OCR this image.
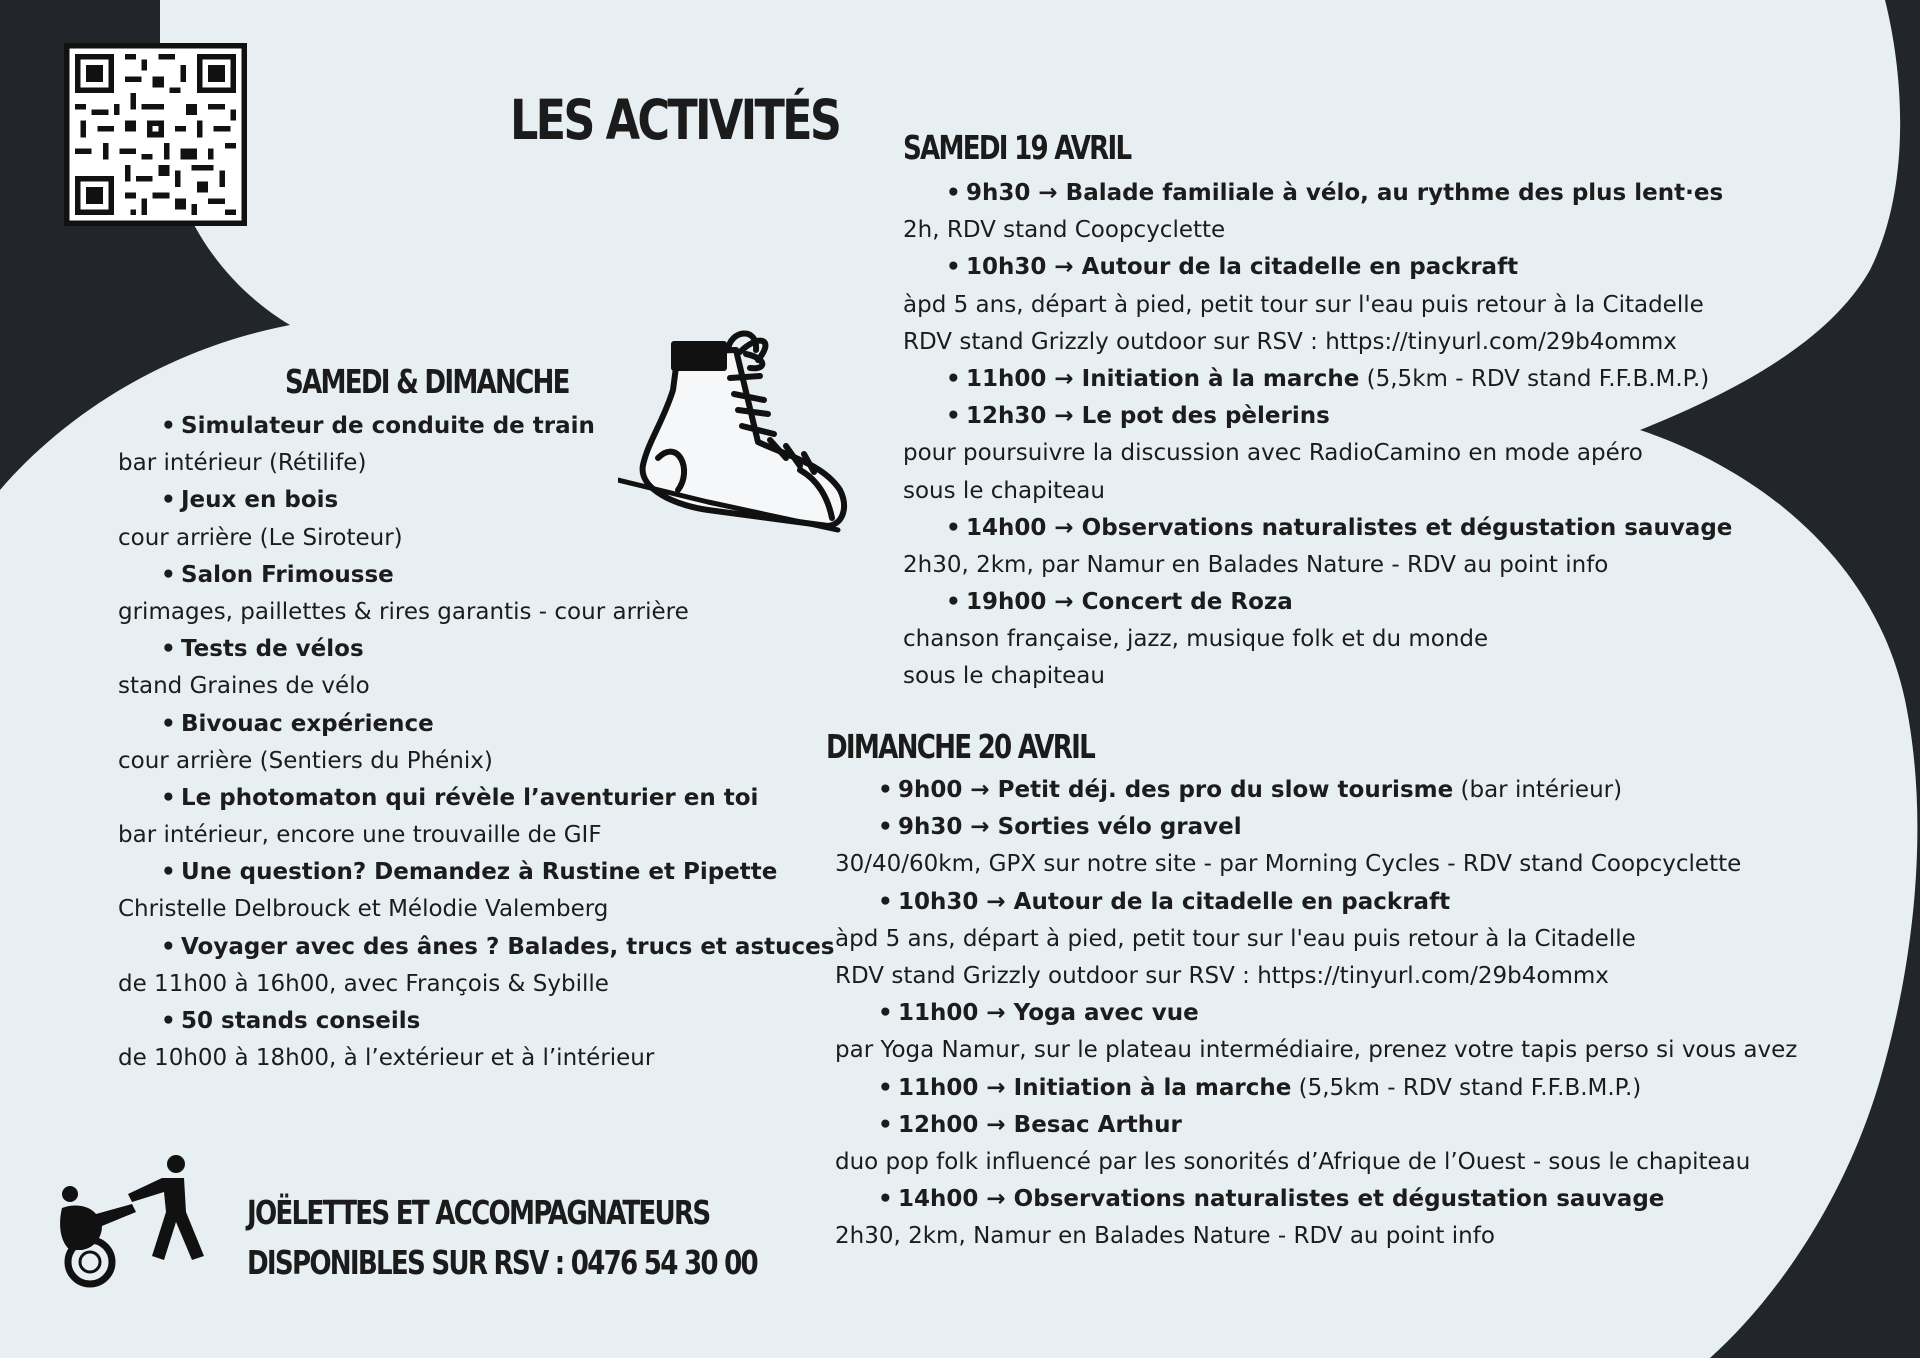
LES ACTIVITÉS
SAMEDI & DIMANCHE
• Simulateur de conduite de train
bar intérieur (Rétilife)
• Jeux en bois
cour arrière (Le Siroteur)
• Salon Frimousse
grimages, paillettes & rires garantis - cour arrière
• Tests de vélos
stand Graines de vélo
• Bivouac expérience
cour arrière (Sentiers du Phénix)
• Le photomaton qui révèle l’aventurier en toi
bar intérieur, encore une trouvaille de GIF
• Une question? Demandez à Rustine et Pipette
Christelle Delbrouck et Mélodie Valemberg
• Voyager avec des ânes ? Balades, trucs et astuces
de 11h00 à 16h00, avec François & Sybille
• 50 stands conseils
de 10h00 à 18h00, à l’extérieur et à l’intérieur
SAMEDI 19 AVRIL
• 9h30 → Balade familiale à vélo, au rythme des plus lent·es
2h, RDV stand Coopcyclette
• 10h30 → Autour de la citadelle en packraft
àpd 5 ans, départ à pied, petit tour sur l'eau puis retour à la Citadelle
RDV stand Grizzly outdoor sur RSV : https://tinyurl.com/29b4ommx
• 11h00 → Initiation à la marche (5,5km - RDV stand F.F.B.M.P.)
• 12h30 → Le pot des pèlerins
pour poursuivre la discussion avec RadioCamino en mode apéro
sous le chapiteau
• 14h00 → Observations naturalistes et dégustation sauvage
2h30, 2km, par Namur en Balades Nature - RDV au point info
• 19h00 → Concert de Roza
chanson française, jazz, musique folk et du monde
sous le chapiteau
DIMANCHE 20 AVRIL
• 9h00 → Petit déj. des pro du slow tourisme (bar intérieur)
• 9h30 → Sorties vélo gravel
30/40/60km, GPX sur notre site - par Morning Cycles - RDV stand Coopcyclette
• 10h30 → Autour de la citadelle en packraft
àpd 5 ans, départ à pied, petit tour sur l'eau puis retour à la Citadelle
RDV stand Grizzly outdoor sur RSV : https://tinyurl.com/29b4ommx
• 11h00 → Yoga avec vue
par Yoga Namur, sur le plateau intermédiaire, prenez votre tapis perso si vous avez
• 11h00 → Initiation à la marche (5,5km - RDV stand F.F.B.M.P.)
• 12h00 → Besac Arthur
duo pop folk influencé par les sonorités d’Afrique de l’Ouest - sous le chapiteau
• 14h00 → Observations naturalistes et dégustation sauvage
2h30, 2km, Namur en Balades Nature - RDV au point info
JOËLETTES ET ACCOMPAGNATEURS
DISPONIBLES SUR RSV : 0476 54 30 00
